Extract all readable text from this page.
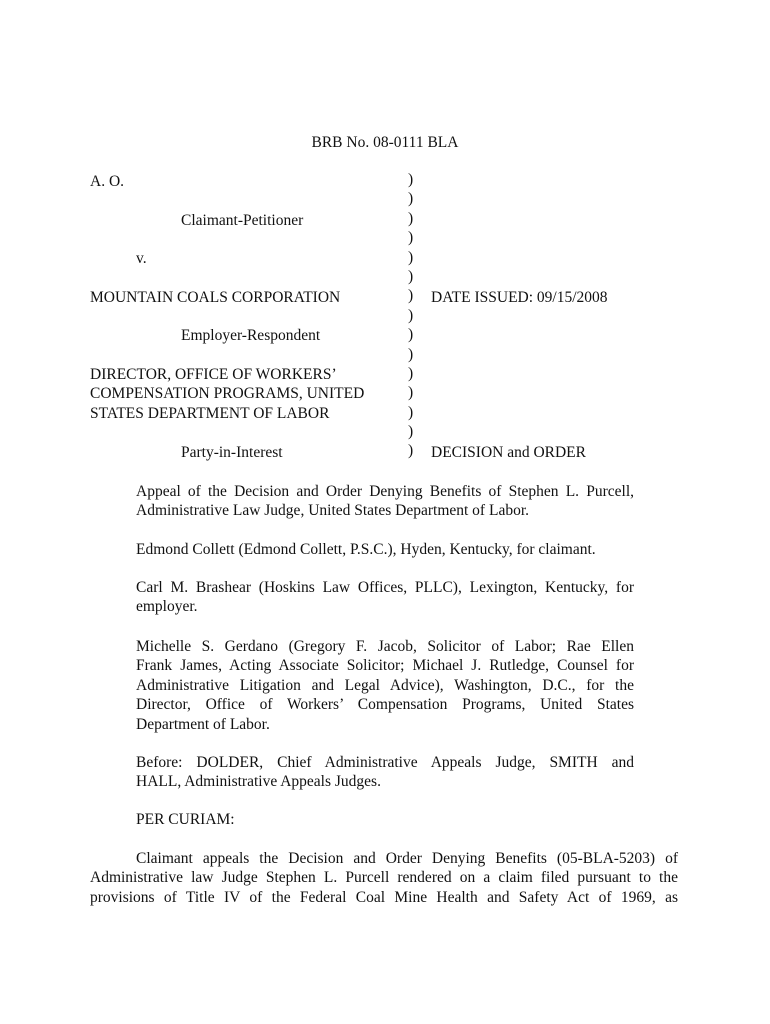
BRB No. 08-0111 BLA
A. O.
Claimant-Petitioner
v.
MOUNTAIN COALS CORPORATION
Employer-Respondent
DIRECTOR, OFFICE OF WORKERS’
COMPENSATION PROGRAMS, UNITED
STATES DEPARTMENT OF LABOR
Party-in-Interest
)
)
)
)
)
)
)
)
)
)
)
)
)
)
)
DATE ISSUED: 09/15/2008
DECISION and ORDER
Appeal of the Decision and Order Denying Benefits of Stephen L. Purcell,
Administrative Law Judge, United States Department of Labor.
Edmond Collett (Edmond Collett, P.S.C.), Hyden, Kentucky, for claimant.
Carl M. Brashear (Hoskins Law Offices, PLLC), Lexington, Kentucky, for
employer.
Michelle S. Gerdano (Gregory F. Jacob, Solicitor of Labor; Rae Ellen
Frank James, Acting Associate Solicitor; Michael J. Rutledge, Counsel for
Administrative Litigation and Legal Advice), Washington, D.C., for the
Director, Office of Workers’ Compensation Programs, United States
Department of Labor.
Before: DOLDER, Chief Administrative Appeals Judge, SMITH and
HALL, Administrative Appeals Judges.
PER CURIAM:
Claimant appeals the Decision and Order Denying Benefits (05-BLA-5203) of
Administrative law Judge Stephen L. Purcell rendered on a claim filed pursuant to the
provisions of Title IV of the Federal Coal Mine Health and Safety Act of 1969, as
